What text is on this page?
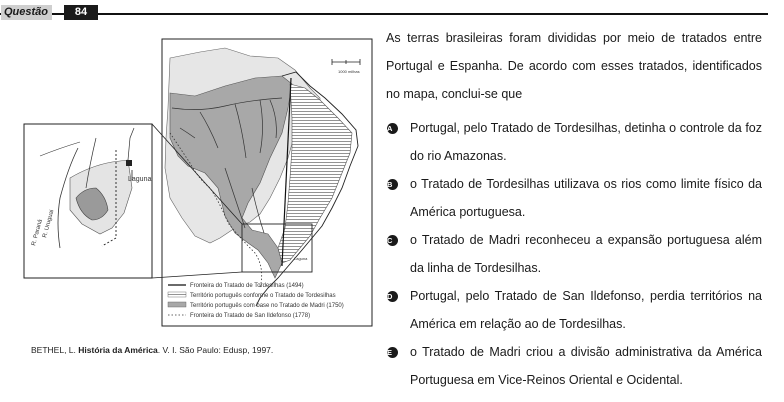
Questão	84
1000 milhas
Laguna
R. Paraná
R. Uruguai
Laguna
Fronteira do Tratado de Tordesilhas (1494)
Território português conforme o Tratado de Tordesilhas
Território português com base no Tratado de Madri (1750)
Fronteira do Tratado de San Ildefonso (1778)
BETHEL, L. História da América. V. I. São Paulo: Edusp, 1997.
As terras brasileiras foram divididas por meio de tratados entre Portugal e Espanha. De acordo com esses tratados, identificados no mapa, conclui-se que
A	Portugal, pelo Tratado de Tordesilhas, detinha o controle da foz do rio Amazonas.
B	o Tratado de Tordesilhas utilizava os rios como limite físico da América portuguesa.
C	o Tratado de Madri reconheceu a expansão portuguesa além da linha de Tordesilhas.
D	Portugal, pelo Tratado de San Ildefonso, perdia territórios na América em relação ao de Tordesilhas.
E	o Tratado de Madri criou a divisão administrativa da América Portuguesa em Vice-Reinos Oriental e Ocidental.
